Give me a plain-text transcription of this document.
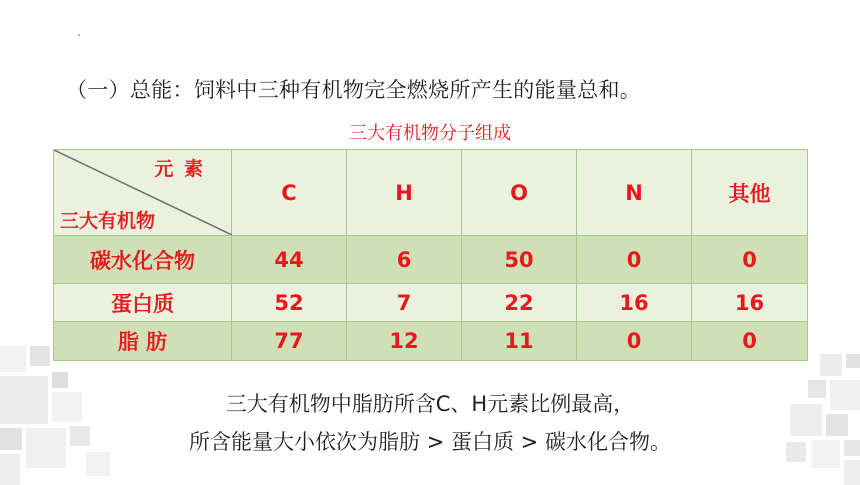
（一）总能：饲料中三种有机物完全燃烧所产生的能量总和。
三大有机物分子组成
元 素
三大有机物	C	H	O	N	其他
碳水化合物	44	6	50	0	0
蛋白质	52	7	22	16	16
脂 肪	77	12	11	0	0
三大有机物中脂肪所含C、H元素比例最高，
所含能量大小依次为脂肪 > 蛋白质 > 碳水化合物。
